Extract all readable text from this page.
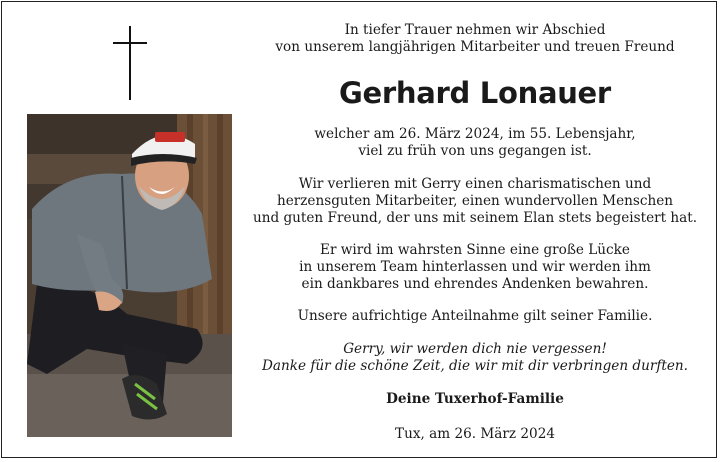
In tiefer Trauer nehmen wir Abschied
von unserem langjährigen Mitarbeiter und treuen Freund
Gerhard Lonauer
welcher am 26. März 2024, im 55. Lebensjahr,
viel zu früh von uns gegangen ist.
Wir verlieren mit Gerry einen charismatischen und
herzensguten Mitarbeiter, einen wundervollen Menschen
und guten Freund, der uns mit seinem Elan stets begeistert hat.
Er wird im wahrsten Sinne eine große Lücke
in unserem Team hinterlassen und wir werden ihm
ein dankbares und ehrendes Andenken bewahren.
Unsere aufrichtige Anteilnahme gilt seiner Familie.
Gerry, wir werden dich nie vergessen!
Danke für die schöne Zeit, die wir mit dir verbringen durften.
Deine Tuxerhof-Familie
Tux, am 26. März 2024
